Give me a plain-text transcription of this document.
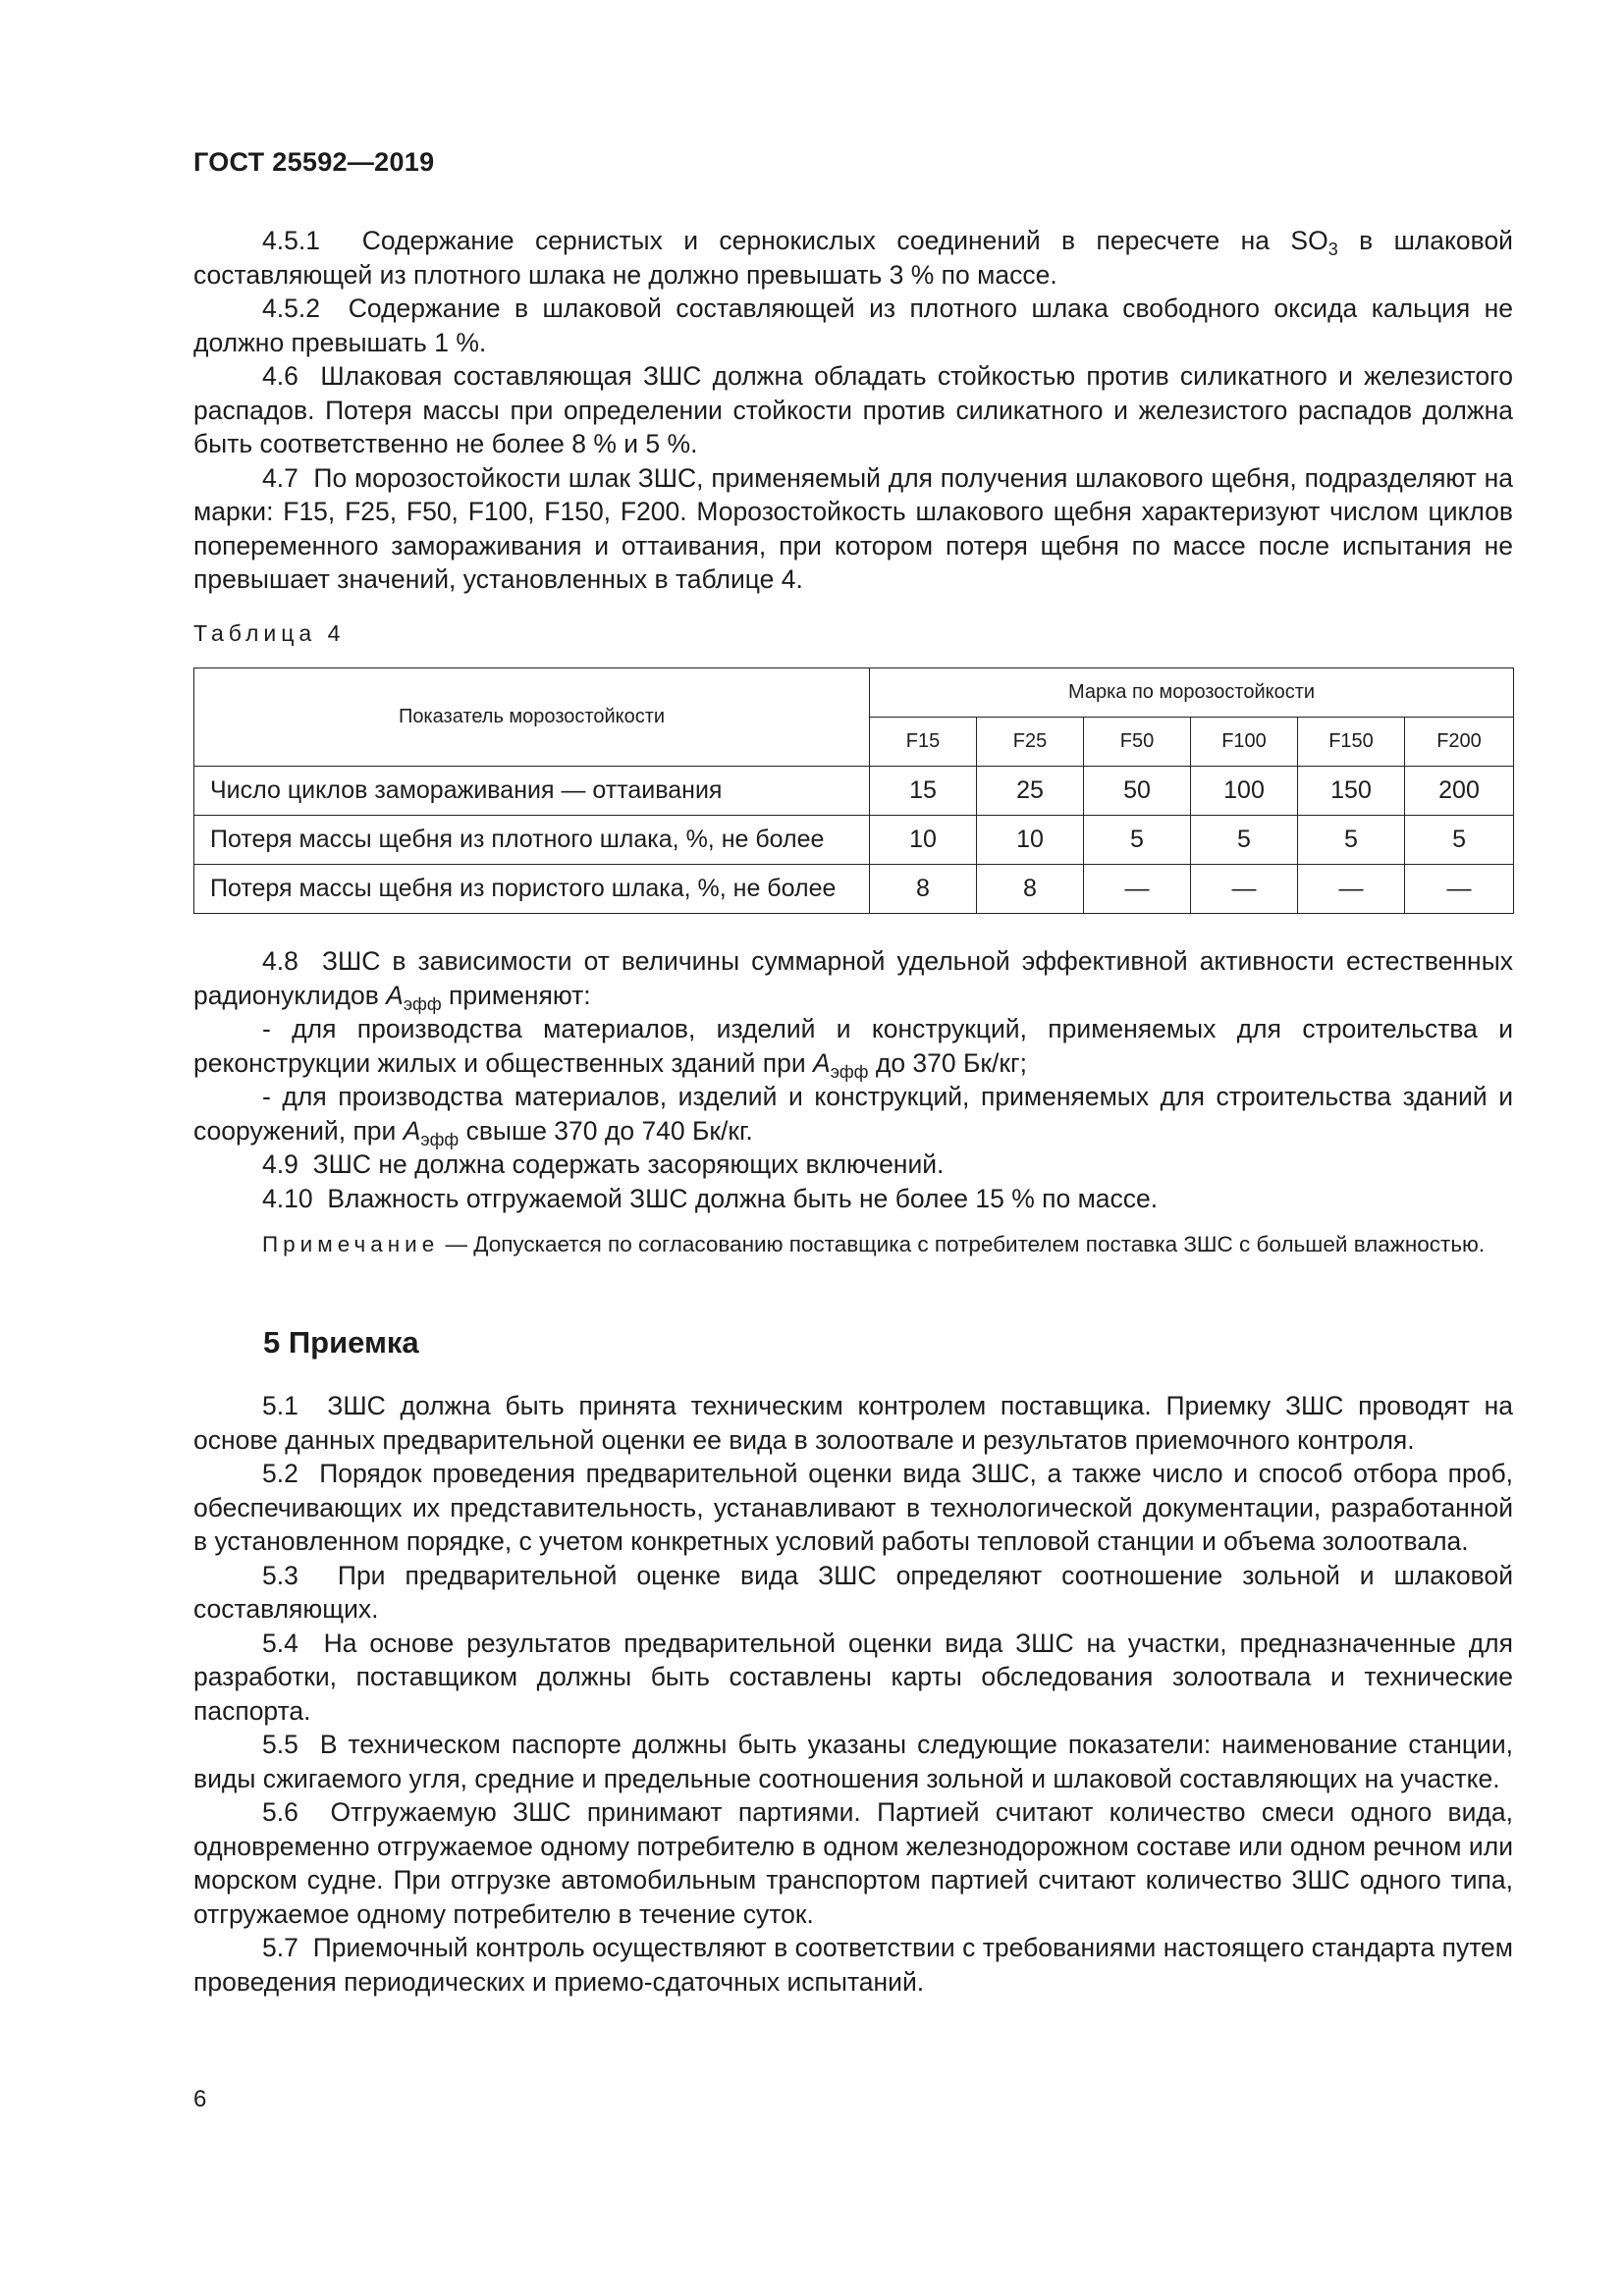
ГОСТ 25592—2019

4.5.1 Содержание сернистых и сернокислых соединений в пересчете на $SO_3$ в шлаковой составляющей из плотного шлака не должно превышать 3 % по массе.

4.5.2 Содержание в шлаковой составляющей из плотного шлака свободного оксида кальция не должно превышать 1 %.

4.6 Шлаковая составляющая ЗШС должна обладать стойкостью против силикатного и железистого распадов. Потеря массы при определении стойкости против силикатного и железистого распадов должна быть соответственно не более 8 % и 5 %.

4.7 По морозостойкости шлак ЗШС, применяемый для получения шлакового щебня, подразделяют на марки: F15, F25, F50, F100, F150, F200. Морозостойкость шлакового щебня характеризуют числом циклов попеременного замораживания и оттаивания, при котором потеря щебня по массе после испытания не превышает значений, установленных в таблице 4.

Таблица 4
Показатель морозостойкости	Марка по морозостойкости					
	F15	F25	F50	F100	F150	F200
Число циклов замораживания — оттаивания	15	25	50	100	150	200
Потеря массы щебня из плотного шлака, %, не более	10	10	5	5	5	5
Потеря массы щебня из пористого шлака, %, не более	8	8	—	—	—	—

4.8 ЗШС в зависимости от величины суммарной удельной эффективной активности естественных радионуклидов $A_{эфф}$ применяют:

- для производства материалов, изделий и конструкций, применяемых для строительства и реконструкции жилых и общественных зданий при $A_{эфф}$ до 370 Бк/кг;

- для производства материалов, изделий и конструкций, применяемых для строительства зданий и сооружений, при $A_{эфф}$ свыше 370 до 740 Бк/кг.

4.9 ЗШС не должна содержать засоряющих включений.

4.10 Влажность отгружаемой ЗШС должна быть не более 15 % по массе.

Примечание — Допускается по согласованию поставщика с потребителем поставка ЗШС с большей влажностью.

5 Приемка

5.1 ЗШС должна быть принята техническим контролем поставщика. Приемку ЗШС проводят на основе данных предварительной оценки ее вида в золоотвале и результатов приемочного контроля.

5.2 Порядок проведения предварительной оценки вида ЗШС, а также число и способ отбора проб, обеспечивающих их представительность, устанавливают в технологической документации, разработанной в установленном порядке, с учетом конкретных условий работы тепловой станции и объема золоотвала.

5.3 При предварительной оценке вида ЗШС определяют соотношение зольной и шлаковой составляющих.

5.4 На основе результатов предварительной оценки вида ЗШС на участки, предназначенные для разработки, поставщиком должны быть составлены карты обследования золоотвала и технические паспорта.

5.5 В техническом паспорте должны быть указаны следующие показатели: наименование станции, виды сжигаемого угля, средние и предельные соотношения зольной и шлаковой составляющих на участке.

5.6 Отгружаемую ЗШС принимают партиями. Партией считают количество смеси одного вида, одновременно отгружаемое одному потребителю в одном железнодорожном составе или одном речном или морском судне. При отгрузке автомобильным транспортом партией считают количество ЗШС одного типа, отгружаемое одному потребителю в течение суток.

5.7 Приемочный контроль осуществляют в соответствии с требованиями настоящего стандарта путем проведения периодических и приемо-сдаточных испытаний.

6
